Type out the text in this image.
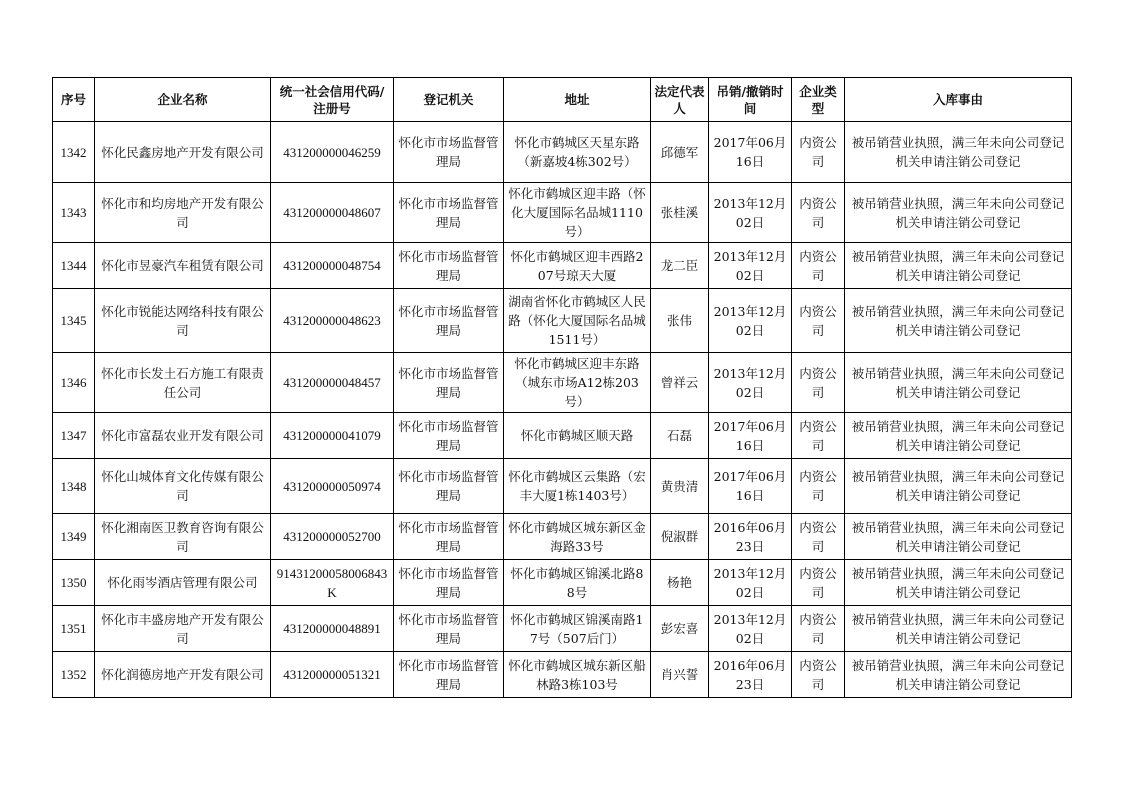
序号	企业名称	统一社会信用代码/注册号	登记机关	地址	法定代表人	吊销/撤销时间	企业类型	入库事由
1342	怀化民鑫房地产开发有限公司	431200000046259	怀化市市场监督管理局	怀化市鹤城区天星东路（新嘉坡4栋302号）	邱德军	2017年06月16日	内资公司	被吊销营业执照，满三年未向公司登记机关申请注销公司登记
1343	怀化市和均房地产开发有限公司	431200000048607	怀化市市场监督管理局	怀化市鹤城区迎丰路（怀化大厦国际名品城1110号）	张桂溪	2013年12月02日	内资公司	被吊销营业执照，满三年未向公司登记机关申请注销公司登记
1344	怀化市昱豪汽车租赁有限公司	431200000048754	怀化市市场监督管理局	怀化市鹤城区迎丰西路207号琼天大厦	龙二臣	2013年12月02日	内资公司	被吊销营业执照，满三年未向公司登记机关申请注销公司登记
1345	怀化市锐能达网络科技有限公司	431200000048623	怀化市市场监督管理局	湖南省怀化市鹤城区人民路（怀化大厦国际名品城1511号）	张伟	2013年12月02日	内资公司	被吊销营业执照，满三年未向公司登记机关申请注销公司登记
1346	怀化市长发土石方施工有限责任公司	431200000048457	怀化市市场监督管理局	怀化市鹤城区迎丰东路（城东市场A12栋203号）	曾祥云	2013年12月02日	内资公司	被吊销营业执照，满三年未向公司登记机关申请注销公司登记
1347	怀化市富磊农业开发有限公司	431200000041079	怀化市市场监督管理局	怀化市鹤城区顺天路	石磊	2017年06月16日	内资公司	被吊销营业执照，满三年未向公司登记机关申请注销公司登记
1348	怀化山城体育文化传媒有限公司	431200000050974	怀化市市场监督管理局	怀化市鹤城区云集路（宏丰大厦1栋1403号）	黄贵清	2017年06月16日	内资公司	被吊销营业执照，满三年未向公司登记机关申请注销公司登记
1349	怀化湘南医卫教育咨询有限公司	431200000052700	怀化市市场监督管理局	怀化市鹤城区城东新区金海路33号	倪淑群	2016年06月23日	内资公司	被吊销营业执照，满三年未向公司登记机关申请注销公司登记
1350	怀化雨岑酒店管理有限公司	91431200058006843K	怀化市市场监督管理局	怀化市鹤城区锦溪北路88号	杨艳	2013年12月02日	内资公司	被吊销营业执照，满三年未向公司登记机关申请注销公司登记
1351	怀化市丰盛房地产开发有限公司	431200000048891	怀化市市场监督管理局	怀化市鹤城区锦溪南路17号（507后门）	彭宏喜	2013年12月02日	内资公司	被吊销营业执照，满三年未向公司登记机关申请注销公司登记
1352	怀化润德房地产开发有限公司	431200000051321	怀化市市场监督管理局	怀化市鹤城区城东新区船林路3栋103号	肖兴誓	2016年06月23日	内资公司	被吊销营业执照，满三年未向公司登记机关申请注销公司登记
